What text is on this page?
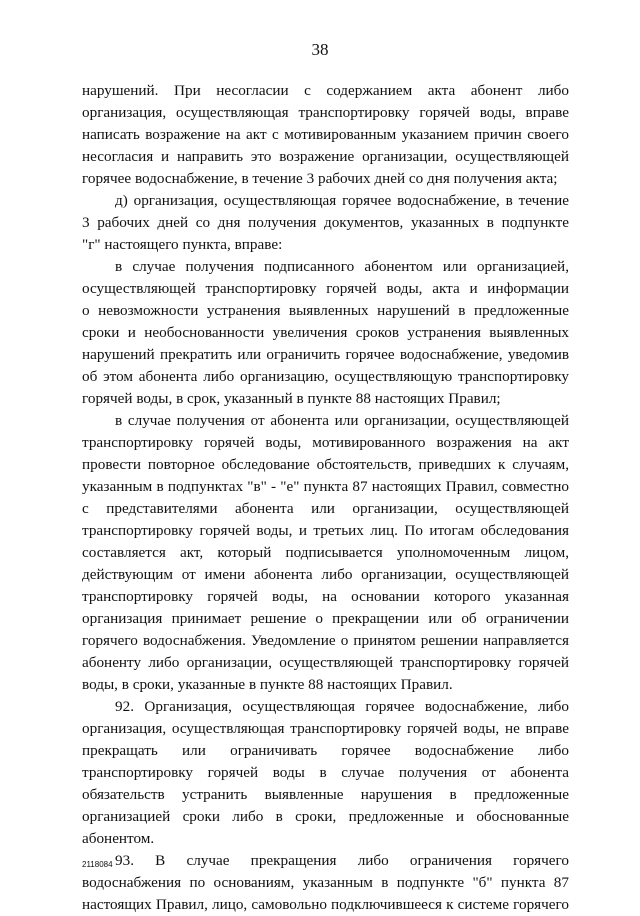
38
нарушений. При несогласии с содержанием акта абонент либо
организация, осуществляющая транспортировку горячей воды, вправе
написать возражение на акт с мотивированным указанием причин своего
несогласия и направить это возражение организации, осуществляющей
горячее водоснабжение, в течение 3 рабочих дней со дня получения акта;
д) организация, осуществляющая горячее водоснабжение, в течение
3 рабочих дней со дня получения документов, указанных в подпункте
"г" настоящего пункта, вправе:
в случае получения подписанного абонентом или организацией,
осуществляющей транспортировку горячей воды, акта и информации
о невозможности устранения выявленных нарушений в предложенные
сроки и необоснованности увеличения сроков устранения выявленных
нарушений прекратить или ограничить горячее водоснабжение, уведомив
об этом абонента либо организацию, осуществляющую транспортировку
горячей воды, в срок, указанный в пункте 88 настоящих Правил;
в случае получения от абонента или организации, осуществляющей
транспортировку горячей воды, мотивированного возражения на акт
провести повторное обследование обстоятельств, приведших к случаям,
указанным в подпунктах "в" - "е" пункта 87 настоящих Правил, совместно
с представителями абонента или организации, осуществляющей
транспортировку горячей воды, и третьих лиц. По итогам обследования
составляется акт, который подписывается уполномоченным лицом,
действующим от имени абонента либо организации, осуществляющей
транспортировку горячей воды, на основании которого указанная
организация принимает решение о прекращении или об ограничении
горячего водоснабжения. Уведомление о принятом решении направляется
абоненту либо организации, осуществляющей транспортировку горячей
воды, в сроки, указанные в пункте 88 настоящих Правил.
92. Организация, осуществляющая горячее водоснабжение, либо
организация, осуществляющая транспортировку горячей воды, не вправе
прекращать или ограничивать горячее водоснабжение либо
транспортировку горячей воды в случае получения от абонента
обязательств устранить выявленные нарушения в предложенные
организацией сроки либо в сроки, предложенные и обоснованные
абонентом.
93. В случае прекращения либо ограничения горячего
водоснабжения по основаниям, указанным в подпункте "б" пункта 87
настоящих Правил, лицо, самовольно подключившееся к системе горячего
2118084
